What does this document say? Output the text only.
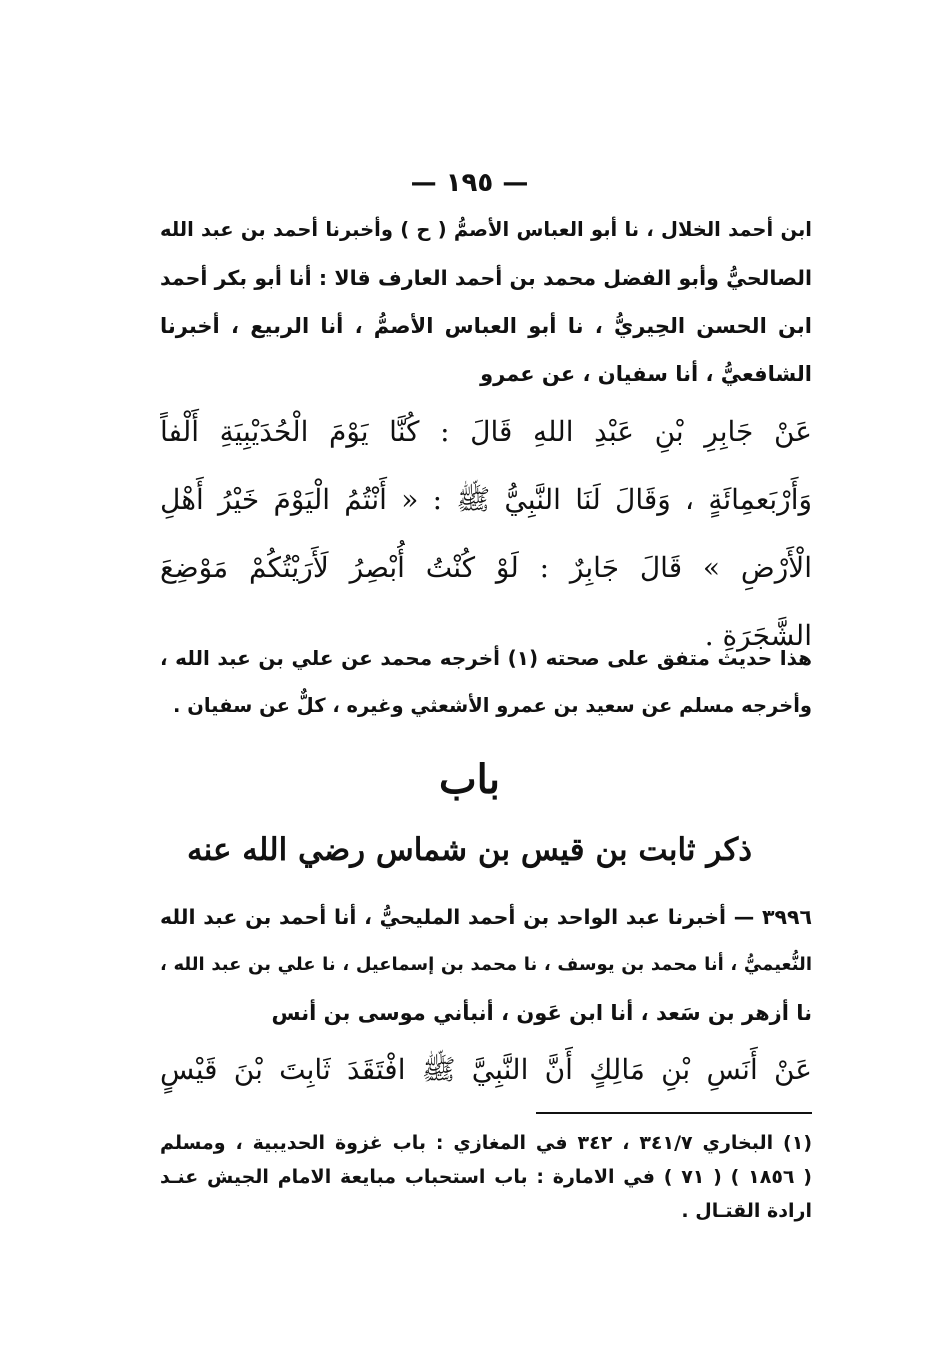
— ١٩٥ —
ابن أحمد الخلال ، نا أبو العباس الأصمُّ ( ح ) وأخبرنا أحمد بن عبد الله
الصالحيُّ وأبو الفضل محمد بن أحمد العارف قالا : أنا أبو بكر أحمد
ابن الحسن الحِيريُّ ، نا أبو العباس الأصمُّ ، أنا الربيع ، أخبرنا
الشافعيُّ ، أنا سفيان ، عن عمرو
عَنْ جَابِرِ بْنِ عَبْدِ اللهِ قَالَ : كُنَّا يَوْمَ الْحُدَيْبِيَةِ أَلْفاً
وَأَرْبَعمِائَةٍ ، وَقَالَ لَنَا النَّبِيُّ ﷺ : « أَنْتُمُ الْيَوْمَ خَيْرُ أَهْلِ
الْأَرْضِ » قَالَ جَابِرٌ : لَوْ كُنْتُ أُبْصِرُ لَأَرَيْتُكُمْ مَوْضِعَ
الشَّجَرَةِ .
هذا حديث متفق على صحته (١) أخرجه محمد عن علي بن عبد الله ،
وأخرجه مسلم عن سعيد بن عمرو الأشعثي وغيره ، كلٌّ عن سفيان .
باب
ذكر ثابت بن قيس بن شماس رضي الله عنه
٣٩٩٦ — أخبرنا عبد الواحد بن أحمد المليحيُّ ، أنا أحمد بن عبد الله
النُّعيميُّ ، أنا محمد بن يوسف ، نا محمد بن إسماعيل ، نا علي بن عبد الله ،
نا أزهر بن سَعد ، أنا ابن عَون ، أنبأني موسى بن أنس
عَنْ أَنَسِ بْنِ مَالِكٍ أَنَّ النَّبِيَّ ﷺ افْتَقَدَ ثَابِتَ بْنَ قَيْسٍ
(١) البخاري ٣٤١/٧ ، ٣٤٢ في المغازي : باب غزوة الحديبية ، ومسلم
( ١٨٥٦ ) ( ٧١ ) في الامارة : باب استحباب مبايعة الامام الجيش عنـد
ارادة القتـال .
